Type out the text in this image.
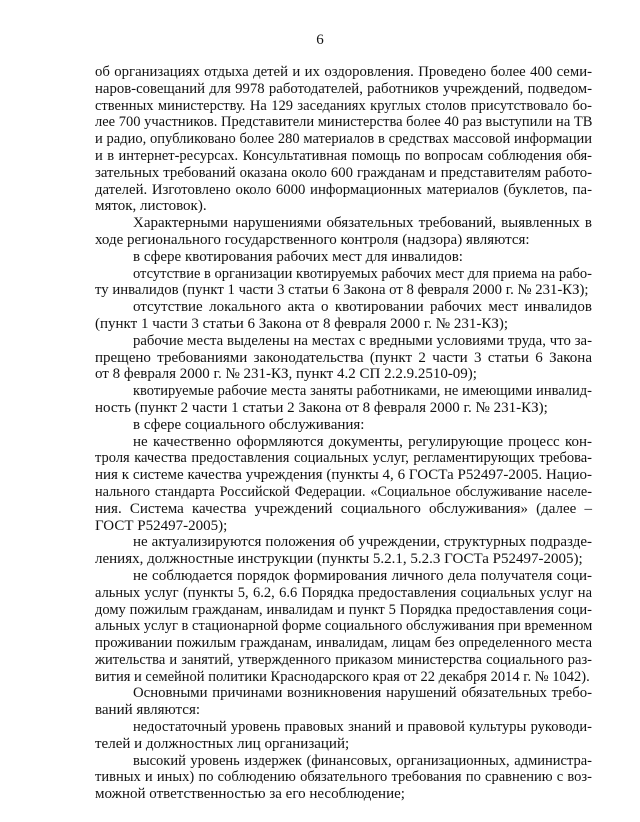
6
об организациях отдыха детей и их оздоровления. Проведено более 400 семи-
наров-совещаний для 9978 работодателей, работников учреждений, подведом-
ственных министерству. На 129 заседаниях круглых столов присутствовало бо-
лее 700 участников. Представители министерства более 40 раз выступили на ТВ
и радио, опубликовано более 280 материалов в средствах массовой информации
и в интернет-ресурсах. Консультативная помощь по вопросам соблюдения обя-
зательных требований оказана около 600 гражданам и представителям работо-
дателей. Изготовлено около 6000 информационных материалов (буклетов, па-
мяток, листовок).
Характерными нарушениями обязательных требований, выявленных в
ходе регионального государственного контроля (надзора) являются:
в сфере квотирования рабочих мест для инвалидов:
отсутствие в организации квотируемых рабочих мест для приема на рабо-
ту инвалидов (пункт 1 части 3 статьи 6 Закона от 8 февраля 2000 г. № 231-КЗ);
отсутствие локального акта о квотировании рабочих мест инвалидов
(пункт 1 части 3 статьи 6 Закона от 8 февраля 2000 г. № 231-КЗ);
рабочие места выделены на местах с вредными условиями труда, что за-
прещено требованиями законодательства (пункт 2 части 3 статьи 6 Закона
от 8 февраля 2000 г. № 231-КЗ, пункт 4.2 СП 2.2.9.2510-09);
квотируемые рабочие места заняты работниками, не имеющими инвалид-
ность (пункт 2 части 1 статьи 2 Закона от 8 февраля 2000 г. № 231-КЗ);
в сфере социального обслуживания:
не качественно оформляются документы, регулирующие процесс кон-
троля качества предоставления социальных услуг, регламентирующих требова-
ния к системе качества учреждения (пункты 4, 6 ГОСТа Р52497-2005. Нацио-
нального стандарта Российской Федерации. «Социальное обслуживание населе-
ния. Система качества учреждений социального обслуживания» (далее –
ГОСТ Р52497-2005);
не актуализируются положения об учреждении, структурных подразде-
лениях, должностные инструкции (пункты 5.2.1, 5.2.3 ГОСТа Р52497-2005);
не соблюдается порядок формирования личного дела получателя соци-
альных услуг (пункты 5, 6.2, 6.6 Порядка предоставления социальных услуг на
дому пожилым гражданам, инвалидам и пункт 5 Порядка предоставления соци-
альных услуг в стационарной форме социального обслуживания при временном
проживании пожилым гражданам, инвалидам, лицам без определенного места
жительства и занятий, утвержденного приказом министерства социального раз-
вития и семейной политики Краснодарского края от 22 декабря 2014 г. № 1042).
Основными причинами возникновения нарушений обязательных требо-
ваний являются:
недостаточный уровень правовых знаний и правовой культуры руководи-
телей и должностных лиц организаций;
высокий уровень издержек (финансовых, организационных, администра-
тивных и иных) по соблюдению обязательного требования по сравнению с воз-
можной ответственностью за его несоблюдение;
